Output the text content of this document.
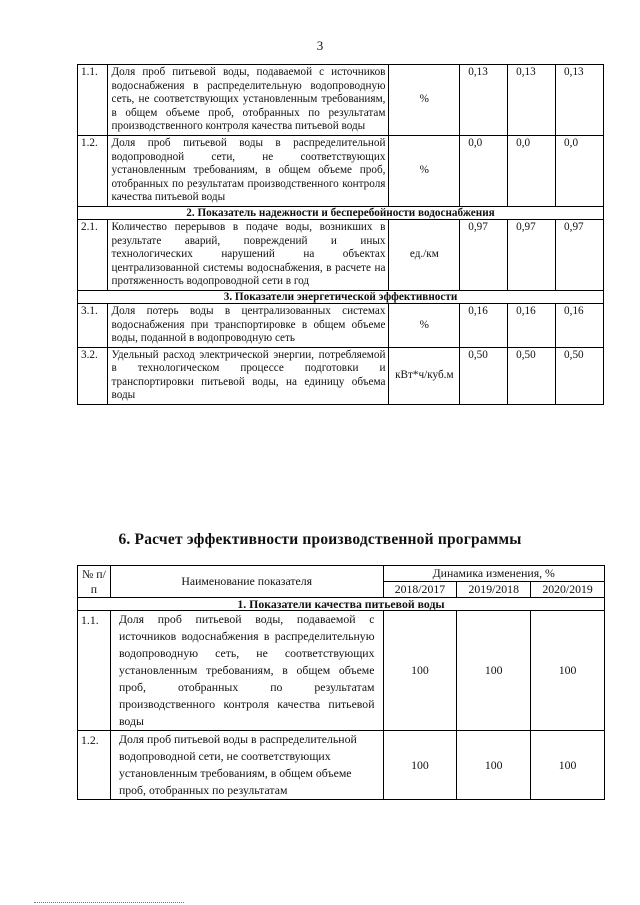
3
1.1.	Доля проб питьевой воды, подаваемой с источников водоснабжения в распределительную водопроводную сеть, не соответствующих установленным требованиям, в общем объеме проб, отобранных по результатам производственного контроля качества питьевой воды	%	0,13	0,13	0,13
1.2.	Доля проб питьевой воды в распределительной водопроводной сети, не соответствующих установленным требованиям, в общем объеме проб, отобранных по результатам производственного контроля качества питьевой воды	%	0,0	0,0	0,0
2. Показатель надежности и бесперебойности водоснабжения					
2.1.	Количество перерывов в подаче воды, возникших в результате аварий, повреждений и иных технологических нарушений на объектах централизованной системы водоснабжения, в расчете на протяженность водопроводной сети в год	ед./км	0,97	0,97	0,97
3. Показатели энергетической эффективности					
3.1.	Доля потерь воды в централизованных системах водоснабжения при транспортировке в общем объеме воды, поданной в водопроводную сеть	%	0,16	0,16	0,16
3.2.	Удельный расход электрической энергии, потребляемой в технологическом процессе подготовки и транспортировки питьевой воды, на единицу объема воды	кВт*ч/куб.м	0,50	0,50	0,50
6. Расчет эффективности производственной программы
№ п/п	Наименование показателя	Динамика изменения, %		
		2018/2017	2019/2018	2020/2019
1. Показатели качества питьевой воды				
1.1.	Доля проб питьевой воды, подаваемой с источников водоснабжения в распределительную водопроводную сеть, не соответствующих установленным требованиям, в общем объеме проб, отобранных по результатам производственного контроля качества питьевой воды	100	100	100
1.2.	Доля проб питьевой воды в распределительной водопроводной сети, не соответствующих установленным требованиям, в общем объеме проб, отобранных по результатам	100	100	100
